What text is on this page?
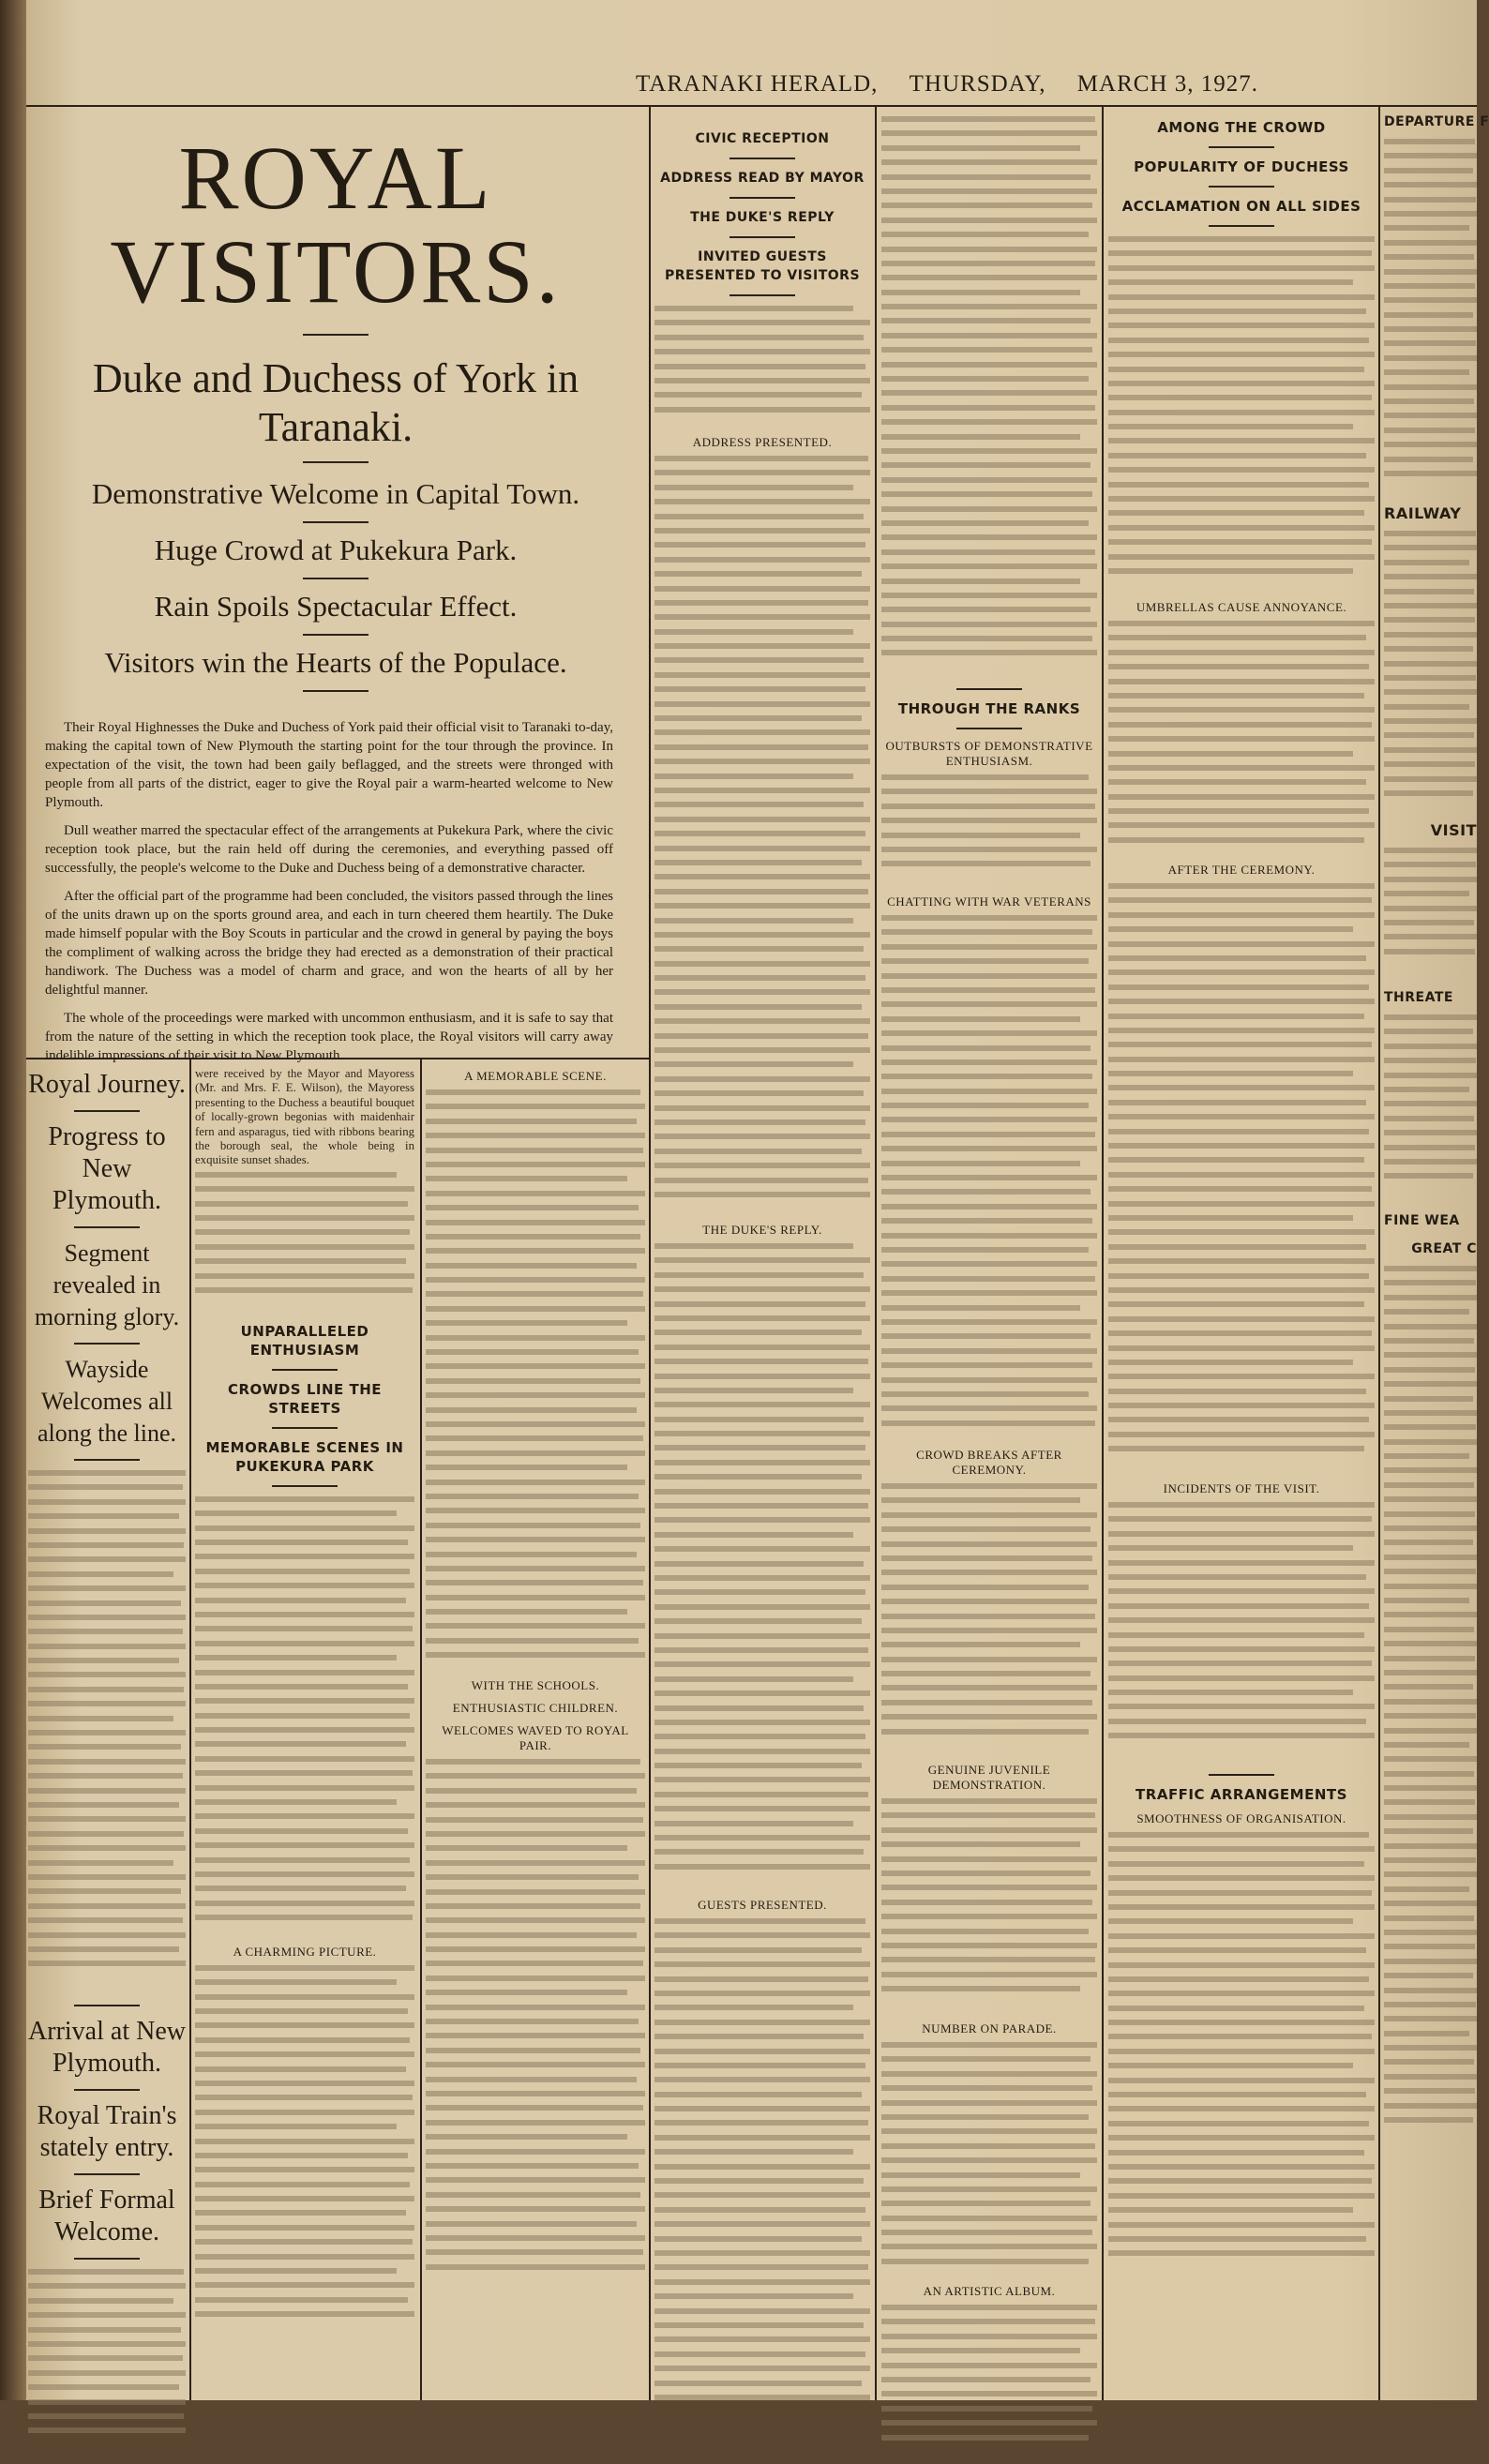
TARANAKI HERALD, THURSDAY, MARCH 3, 1927.
ROYAL VISITORS.
Duke and Duchess of York in Taranaki.
Demonstrative Welcome in Capital Town.
Huge Crowd at Pukekura Park.
Rain Spoils Spectacular Effect.
Visitors win the Hearts of the Populace.

Their Royal Highnesses the Duke and Duchess of York paid their official visit to Taranaki to-day, making the capital town of New Plymouth the starting point for the tour through the province. In expectation of the visit, the town had been gaily beflagged, and the streets were thronged with people from all parts of the district, eager to give the Royal pair a warm-hearted welcome to New Plymouth.

Dull weather marred the spectacular effect of the arrangements at Pukekura Park, where the civic reception took place, but the rain held off during the ceremonies, and everything passed off successfully, the people's welcome to the Duke and Duchess being of a demonstrative character.

After the official part of the programme had been concluded, the visitors passed through the lines of the units drawn up on the sports ground area, and each in turn cheered them heartily. The Duke made himself popular with the Boy Scouts in particular and the crowd in general by paying the boys the compliment of walking across the bridge they had erected as a demonstration of their practical handiwork. The Duchess was a model of charm and grace, and won the hearts of all by her delightful manner.

The whole of the proceedings were marked with uncommon enthusiasm, and it is safe to say that from the nature of the setting in which the reception took place, the Royal visitors will carry away indelible impressions of their visit to New Plymouth.

Royal Journey.
Progress to New Plymouth.
Segment revealed in morning glory.
Wayside Welcomes all along the line.
Arrival at New Plymouth.
Royal Train's stately entry.
Brief Formal Welcome.
were received by the Mayor and Mayoress (Mr. and Mrs. F. E. Wilson), the Mayoress presenting to the Duchess a beautiful bouquet of locally-grown begonias with maidenhair fern and asparagus, tied with ribbons bearing the borough seal, the whole being in exquisite sunset shades.
UNPARALLELED ENTHUSIASM
CROWDS LINE THE STREETS
MEMORABLE SCENES IN PUKEKURA PARK
A CHARMING PICTURE.
A MEMORABLE SCENE.
WITH THE SCHOOLS.
ENTHUSIASTIC CHILDREN.
WELCOMES WAVED TO ROYAL PAIR.
CIVIC RECEPTION
ADDRESS READ BY MAYOR
THE DUKE'S REPLY
INVITED GUESTS PRESENTED TO VISITORS
ADDRESS PRESENTED.
THE DUKE'S REPLY.
GUESTS PRESENTED.
THROUGH THE RANKS
OUTBURSTS OF DEMONSTRATIVE ENTHUSIASM.
CHATTING WITH WAR VETERANS
CROWD BREAKS AFTER CEREMONY.
GENUINE JUVENILE DEMONSTRATION.
NUMBER ON PARADE.
AN ARTISTIC ALBUM.
AMONG THE CROWD
POPULARITY OF DUCHESS
ACCLAMATION ON ALL SIDES
UMBRELLAS CAUSE ANNOYANCE.
AFTER THE CEREMONY.
INCIDENTS OF THE VISIT.
TRAFFIC ARRANGEMENTS
SMOOTHNESS OF ORGANISATION.
DEPARTURE F
RAILWAY
VISIT
THREATE
FINE WEA
GREAT C
